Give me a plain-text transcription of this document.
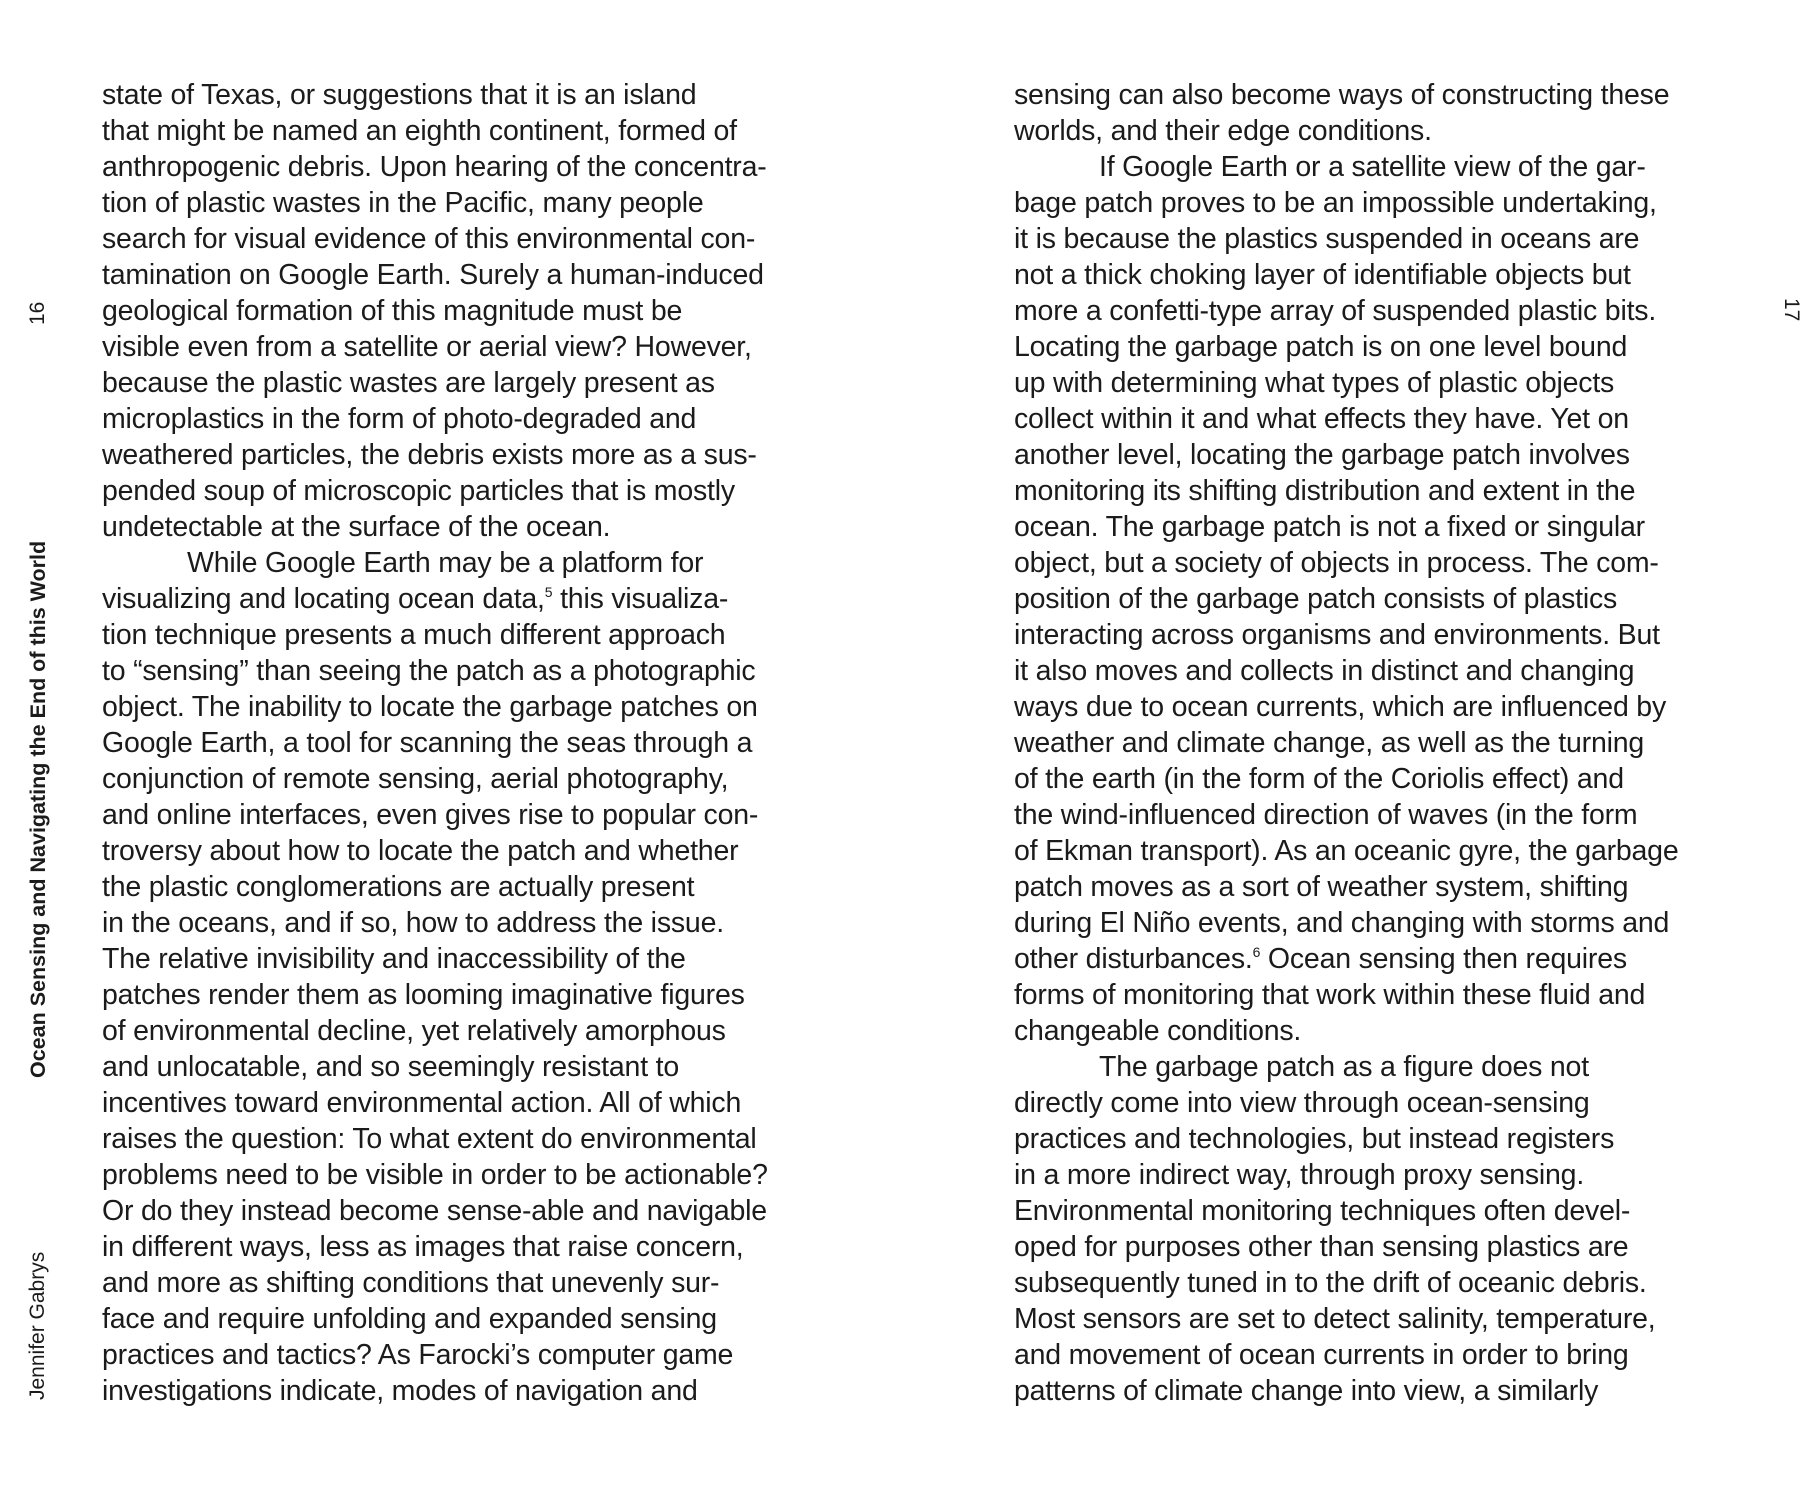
16
Ocean Sensing and Navigating the End of this World
Jennifer Gabrys
state of Texas, or suggestions that it is an island
that might be named an eighth continent, formed of
anthropogenic debris. Upon hearing of the concentra-
tion of plastic wastes in the Pacific, many people
search for visual evidence of this environmental con-
tamination on Google Earth. Surely a human-induced
geological formation of this magnitude must be
visible even from a satellite or aerial view? However,
because the plastic wastes are largely present as
microplastics in the form of photo-degraded and
weathered particles, the debris exists more as a sus-
pended soup of microscopic particles that is mostly
undetectable at the surface of the ocean.
While Google Earth may be a platform for
visualizing and locating ocean data,$^5$ this visualiza-
tion technique presents a much different approach
to “sensing” than seeing the patch as a photographic
object. The inability to locate the garbage patches on
Google Earth, a tool for scanning the seas through a
conjunction of remote sensing, aerial photography,
and online interfaces, even gives rise to popular con-
troversy about how to locate the patch and whether
the plastic conglomerations are actually present
in the oceans, and if so, how to address the issue.
The relative invisibility and inaccessibility of the
patches render them as looming imaginative figures
of environmental decline, yet relatively amorphous
and unlocatable, and so seemingly resistant to
incentives toward environmental action. All of which
raises the question: To what extent do environmental
problems need to be visible in order to be actionable?
Or do they instead become sense-able and navigable
in different ways, less as images that raise concern,
and more as shifting conditions that unevenly sur-
face and require unfolding and expanded sensing
practices and tactics? As Farocki’s computer game
investigations indicate, modes of navigation and
sensing can also become ways of constructing these
worlds, and their edge conditions.
If Google Earth or a satellite view of the gar-
bage patch proves to be an impossible undertaking,
it is because the plastics suspended in oceans are
not a thick choking layer of identifiable objects but
more a confetti-type array of suspended plastic bits.
Locating the garbage patch is on one level bound
up with determining what types of plastic objects
collect within it and what effects they have. Yet on
another level, locating the garbage patch involves
monitoring its shifting distribution and extent in the
ocean. The garbage patch is not a fixed or singular
object, but a society of objects in process. The com-
position of the garbage patch consists of plastics
interacting across organisms and environments. But
it also moves and collects in distinct and changing
ways due to ocean currents, which are influenced by
weather and climate change, as well as the turning
of the earth (in the form of the Coriolis effect) and
the wind-influenced direction of waves (in the form
of Ekman transport). As an oceanic gyre, the garbage
patch moves as a sort of weather system, shifting
during El Niño events, and changing with storms and
other disturbances.$^6$ Ocean sensing then requires
forms of monitoring that work within these fluid and
changeable conditions.
The garbage patch as a figure does not
directly come into view through ocean-sensing
practices and technologies, but instead registers
in a more indirect way, through proxy sensing.
Environmental monitoring techniques often devel-
oped for purposes other than sensing plastics are
subsequently tuned in to the drift of oceanic debris.
Most sensors are set to detect salinity, temperature,
and movement of ocean currents in order to bring
patterns of climate change into view, a similarly
17
